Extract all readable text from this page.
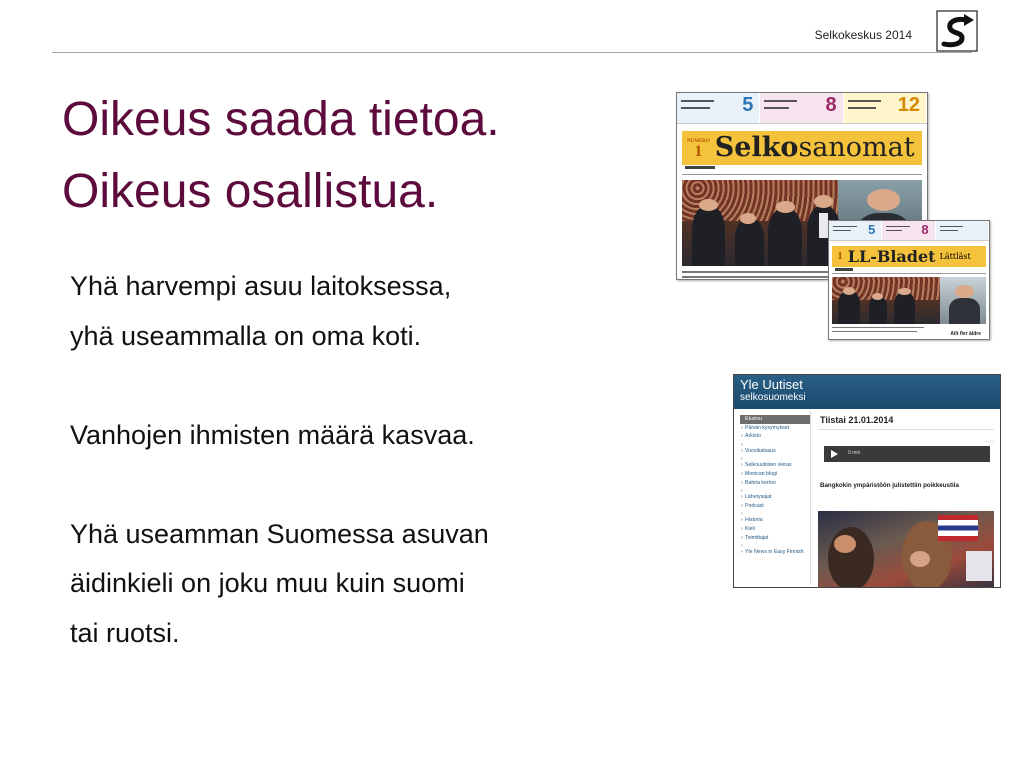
Selkokeskus 2014
Oikeus saada tietoa.
Oikeus osallistua.

Yhä harvempi asuu laitoksessa,

yhä useammalla on oma koti.

Vanhojen ihmisten määrä kasvaa.

Yhä useamman Suomessa asuvan

äidinkieli on joku muu kuin suomi

tai ruotsi.

5	8	12
NUMERO
1 Selkosanomat
5	8
1 LL-Bladet Lättläst
Allt fler äldre
Yle Uutiset
selkosuomeksi
› Etusivu
› Päivän kysymykset
› Arkisto
›
› Vuosikatsaus
›
› Selkouutisten vieras
› Monican blogi
› Bahria kertoo
›
› Lähetysajat
› Podcast
›
› Historia
› Kieli
› Toimittajat
›
› Yle News in Easy Finnish
Tiistai 21.01.2014
— —
0 min
Bangkokin ympäristöön julistettiin poikkeustila
